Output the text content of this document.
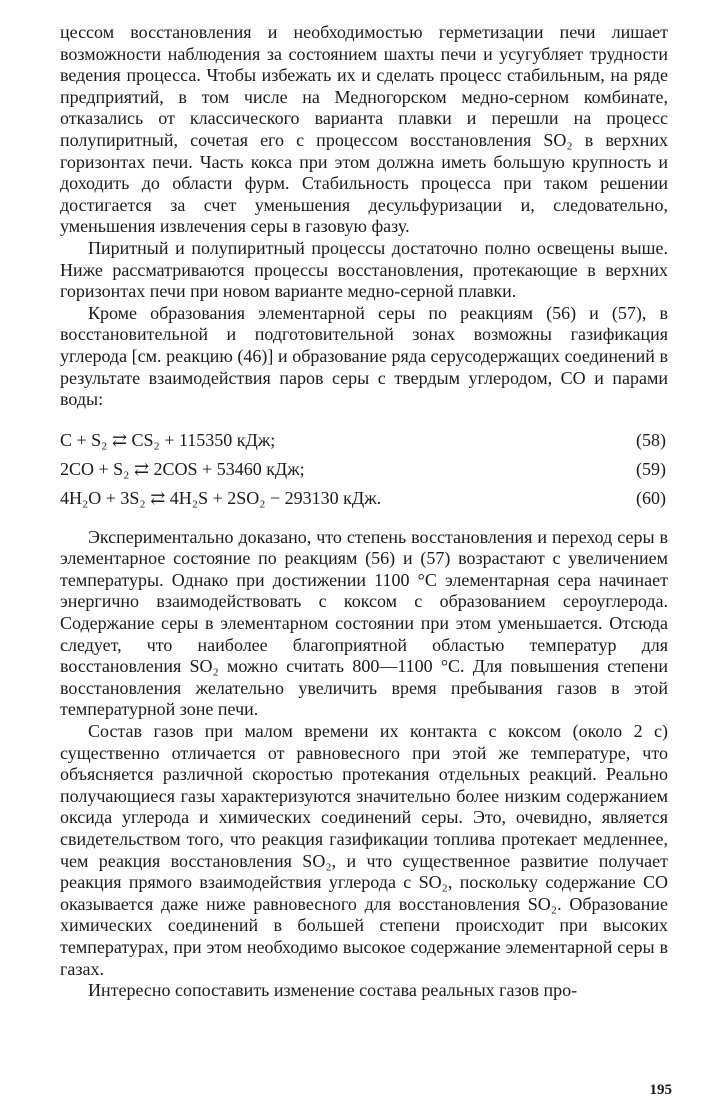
цессом восстановления и необходимостью герметизации печи лишает возможности наблюдения за состоянием шахты печи и усугубляет трудности ведения процесса. Чтобы избежать их и сделать процесс стабильным, на ряде предприятий, в том числе на Медногорском медно-серном комбинате, отказались от классического варианта плавки и перешли на процесс полупиритный, сочетая его с процессом восстановления SO₂ в верхних горизонтах печи. Часть кокса при этом должна иметь большую крупность и доходить до области фурм. Стабильность процесса при таком решении достигается за счет уменьшения десульфуризации и, следовательно, уменьшения извлечения серы в газовую фазу.

Пиритный и полупиритный процессы достаточно полно освещены выше. Ниже рассматриваются процессы восстановления, протекающие в верхних горизонтах печи при новом варианте медно-серной плавки.

Кроме образования элементарной серы по реакциям (56) и (57), в восстановительной и подготовительной зонах возможны газификация углерода [см. реакцию (46)] и образование ряда серусодержащих соединений в результате взаимодействия паров серы с твердым углеродом, CO и парами воды:

C + S₂ ⇄ CS₂ + 115350 кДж;	(58)
2CO + S₂ ⇄ 2COS + 53460 кДж;	(59)
4H₂O + 3S₂ ⇄ 4H₂S + 2SO₂ − 293130 кДж.	(60)

Экспериментально доказано, что степень восстановления и переход серы в элементарное состояние по реакциям (56) и (57) возрастают с увеличением температуры. Однако при достижении 1100 °C элементарная сера начинает энергично взаимодействовать с коксом с образованием сероуглерода. Содержание серы в элементарном состоянии при этом уменьшается. Отсюда следует, что наиболее благоприятной областью температур для восстановления SO₂ можно считать 800—1100 °C. Для повышения степени восстановления желательно увеличить время пребывания газов в этой температурной зоне печи.

Состав газов при малом времени их контакта с коксом (около 2 с) существенно отличается от равновесного при этой же температуре, что объясняется различной скоростью протекания отдельных реакций. Реально получающиеся газы характеризуются значительно более низким содержанием оксида углерода и химических соединений серы. Это, очевидно, является свидетельством того, что реакция газификации топлива протекает медленнее, чем реакция восстановления SO₂, и что существенное развитие получает реакция прямого взаимодействия углерода с SO₂, поскольку содержание CO оказывается даже ниже равновесного для восстановления SO₂. Образование химических соединений в большей степени происходит при высоких температурах, при этом необходимо высокое содержание элементарной серы в газах.

Интересно сопоставить изменение состава реальных газов про-

195
